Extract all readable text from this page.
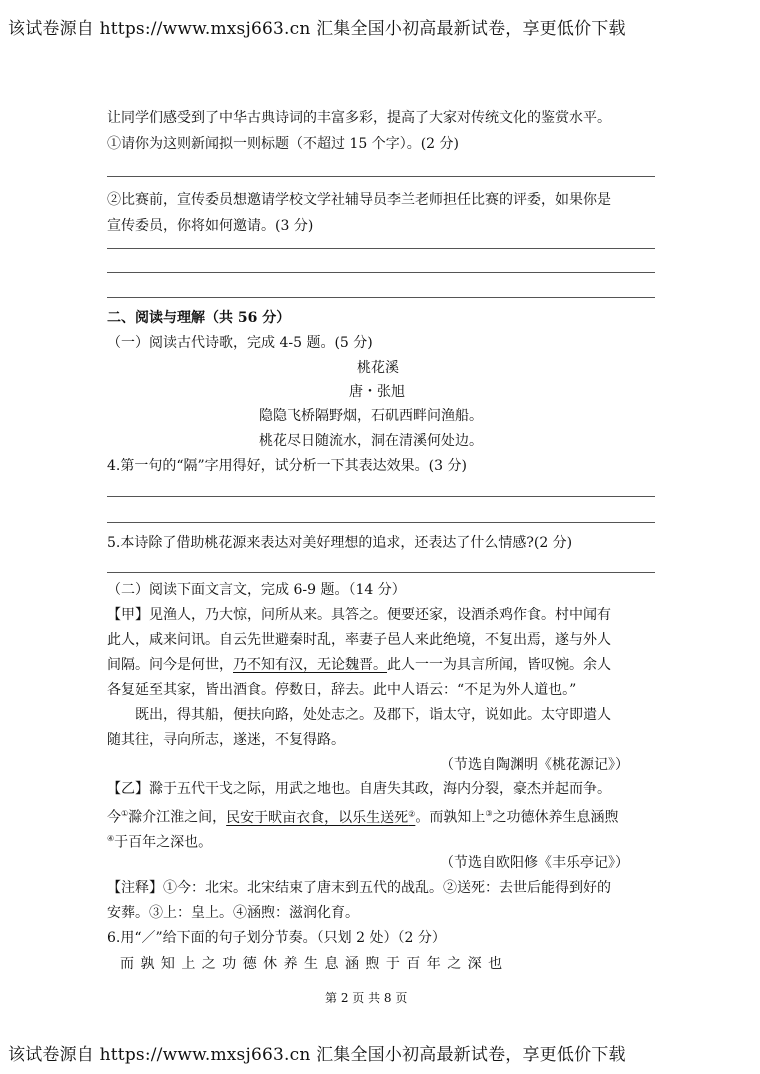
该试卷源自 https://www.mxsj663.cn 汇集全国小初高最新试卷，享更低价下载
让同学们感受到了中华古典诗词的丰富多彩，提高了大家对传统文化的鉴赏水平。
①请你为这则新闻拟一则标题（不超过 15 个字）。(2 分)
②比赛前，宣传委员想邀请学校文学社辅导员李兰老师担任比赛的评委，如果你是
宣传委员，你将如何邀请。(3 分)
二、阅读与理解（共 56 分）
（一）阅读古代诗歌，完成 4-5 题。(5 分)
桃花溪
唐・张旭
隐隐飞桥隔野烟，石矶西畔问渔船。
桃花尽日随流水，洞在清溪何处边。
4.第一句的“隔”字用得好，试分析一下其表达效果。(3 分)
5.本诗除了借助桃花源来表达对美好理想的追求，还表达了什么情感?(2 分)
（二）阅读下面文言文，完成 6-9 题。（14 分）
【甲】见渔人，乃大惊，问所从来。具答之。便要还家，设酒杀鸡作食。村中闻有
此人，咸来问讯。自云先世避秦时乱，率妻子邑人来此绝境，不复出焉，遂与外人
间隔。问今是何世，乃不知有汉，无论魏晋。此人一一为具言所闻，皆叹惋。余人
各复延至其家，皆出酒食。停数日，辞去。此中人语云：“不足为外人道也。”
既出，得其船，便扶向路，处处志之。及郡下，诣太守，说如此。太守即遣人
随其往，寻向所志，遂迷，不复得路。
（节选自陶渊明《桃花源记》）
【乙】滁于五代干戈之际，用武之地也。自唐失其政，海内分裂，豪杰并起而争。
今①滁介江淮之间，民安于畎亩衣食，以乐生送死②。而孰知上③之功德休养生息涵煦
④于百年之深也。
（节选自欧阳修《丰乐亭记》）
【注释】①今：北宋。北宋结束了唐末到五代的战乱。②送死：去世后能得到好的
安葬。③上：皇上。④涵煦：滋润化育。
6.用“／”给下面的句子划分节奏。（只划 2 处）（2 分）
而 孰 知 上 之 功 德 休 养 生 息 涵 煦 于 百 年 之 深 也
第 2 页 共 8 页
该试卷源自 https://www.mxsj663.cn 汇集全国小初高最新试卷，享更低价下载
